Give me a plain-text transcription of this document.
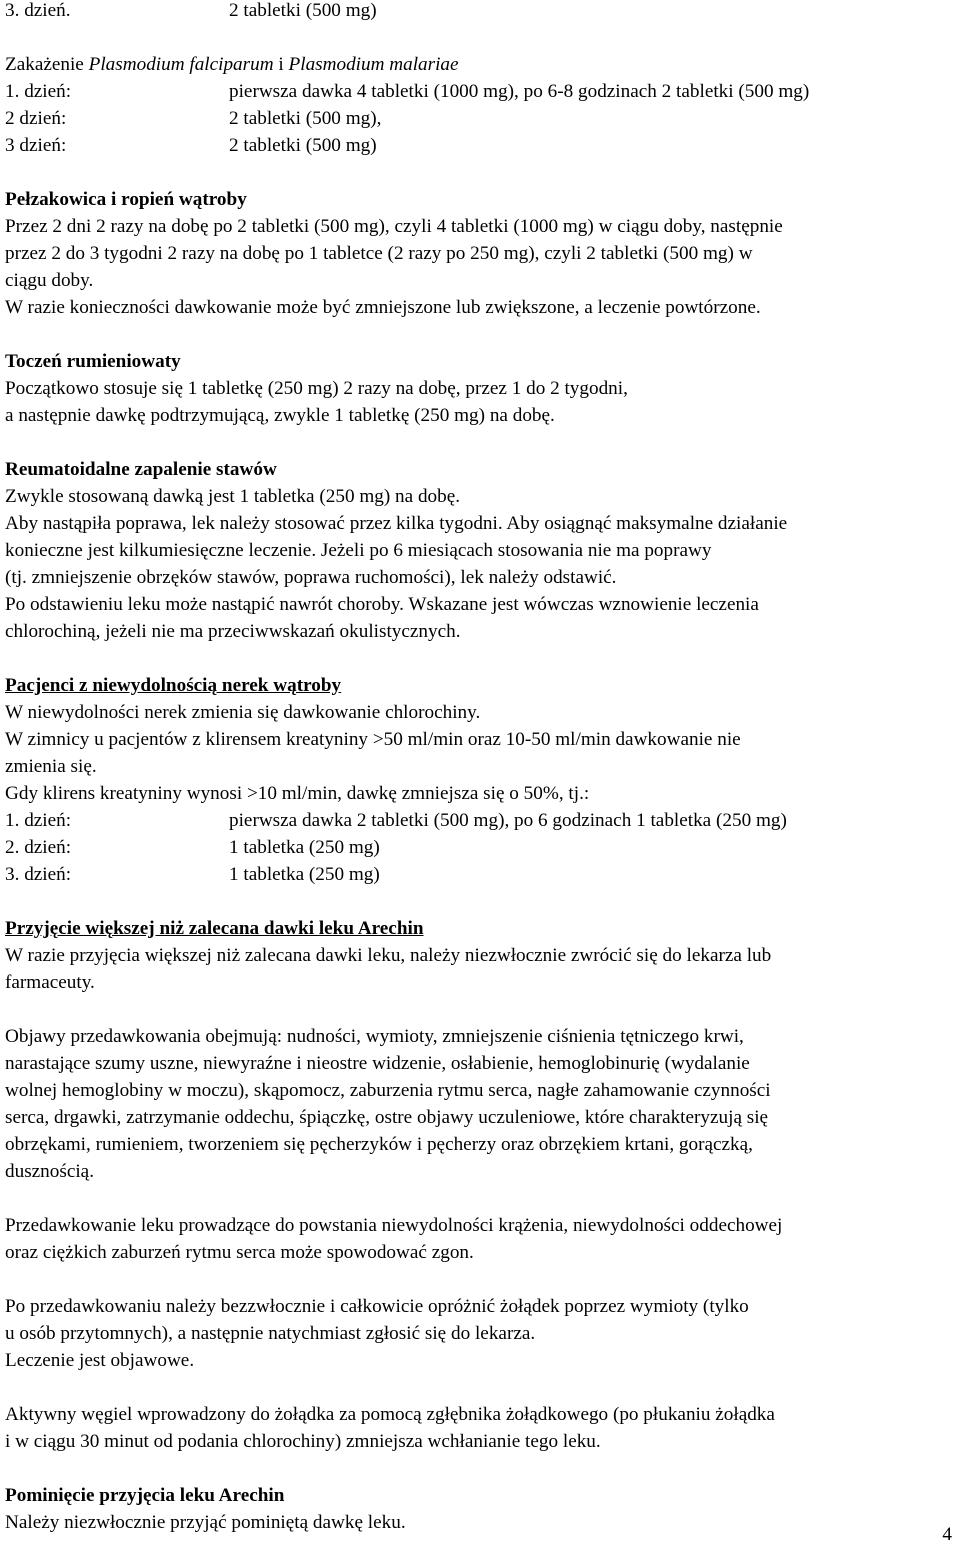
3. dzień.	2 tabletki (500 mg)

Zakażenie Plasmodium falciparum i Plasmodium malariae

1. dzień:	pierwsza dawka 4 tabletki (1000 mg), po 6-8 godzinach 2 tabletki (500 mg)
2 dzień:	2 tabletki (500 mg),
3 dzień:	2 tabletki (500 mg)

Pełzakowica i ropień wątroby

Przez 2 dni 2 razy na dobę po 2 tabletki (500 mg), czyli 4 tabletki (1000 mg) w ciągu doby, następnie

przez 2 do 3 tygodni 2 razy na dobę po 1 tabletce (2 razy po 250 mg), czyli 2 tabletki (500 mg) w

ciągu doby.

W razie konieczności dawkowanie może być zmniejszone lub zwiększone, a leczenie powtórzone.

Toczeń rumieniowaty

Początkowo stosuje się 1 tabletkę (250 mg) 2 razy na dobę, przez 1 do 2 tygodni,

a następnie dawkę podtrzymującą, zwykle 1 tabletkę (250 mg) na dobę.

Reumatoidalne zapalenie stawów

Zwykle stosowaną dawką jest 1 tabletka (250 mg) na dobę.

Aby nastąpiła poprawa, lek należy stosować przez kilka tygodni. Aby osiągnąć maksymalne działanie

konieczne jest kilkumiesięczne leczenie. Jeżeli po 6 miesiącach stosowania nie ma poprawy

(tj. zmniejszenie obrzęków stawów, poprawa ruchomości), lek należy odstawić.

Po odstawieniu leku może nastąpić nawrót choroby. Wskazane jest wówczas wznowienie leczenia

chlorochiną, jeżeli nie ma przeciwwskazań okulistycznych.

Pacjenci z niewydolnością nerek wątroby

W niewydolności nerek zmienia się dawkowanie chlorochiny.

W zimnicy u pacjentów z klirensem kreatyniny >50 ml/min oraz 10-50 ml/min dawkowanie nie

zmienia się.

Gdy klirens kreatyniny wynosi >10 ml/min, dawkę zmniejsza się o 50%, tj.:

1. dzień:	pierwsza dawka 2 tabletki (500 mg), po 6 godzinach 1 tabletka (250 mg)
2. dzień:	1 tabletka (250 mg)
3. dzień:	1 tabletka (250 mg)

Przyjęcie większej niż zalecana dawki leku Arechin

W razie przyjęcia większej niż zalecana dawki leku, należy niezwłocznie zwrócić się do lekarza lub

farmaceuty.

Objawy przedawkowania obejmują: nudności, wymioty, zmniejszenie ciśnienia tętniczego krwi,

narastające szumy uszne, niewyraźne i nieostre widzenie, osłabienie, hemoglobinurię (wydalanie

wolnej hemoglobiny w moczu), skąpomocz, zaburzenia rytmu serca, nagłe zahamowanie czynności

serca, drgawki, zatrzymanie oddechu, śpiączkę, ostre objawy uczuleniowe, które charakteryzują się

obrzękami, rumieniem, tworzeniem się pęcherzyków i pęcherzy oraz obrzękiem krtani, gorączką,

dusznością.

Przedawkowanie leku prowadzące do powstania niewydolności krążenia, niewydolności oddechowej

oraz ciężkich zaburzeń rytmu serca może spowodować zgon.

Po przedawkowaniu należy bezzwłocznie i całkowicie opróżnić żołądek poprzez wymioty (tylko

u osób przytomnych), a następnie natychmiast zgłosić się do lekarza.

Leczenie jest objawowe.

Aktywny węgiel wprowadzony do żołądka za pomocą zgłębnika żołądkowego (po płukaniu żołądka

i w ciągu 30 minut od podania chlorochiny) zmniejsza wchłanianie tego leku.

Pominięcie przyjęcia leku Arechin

Należy niezwłocznie przyjąć pominiętą dawkę leku.

4
